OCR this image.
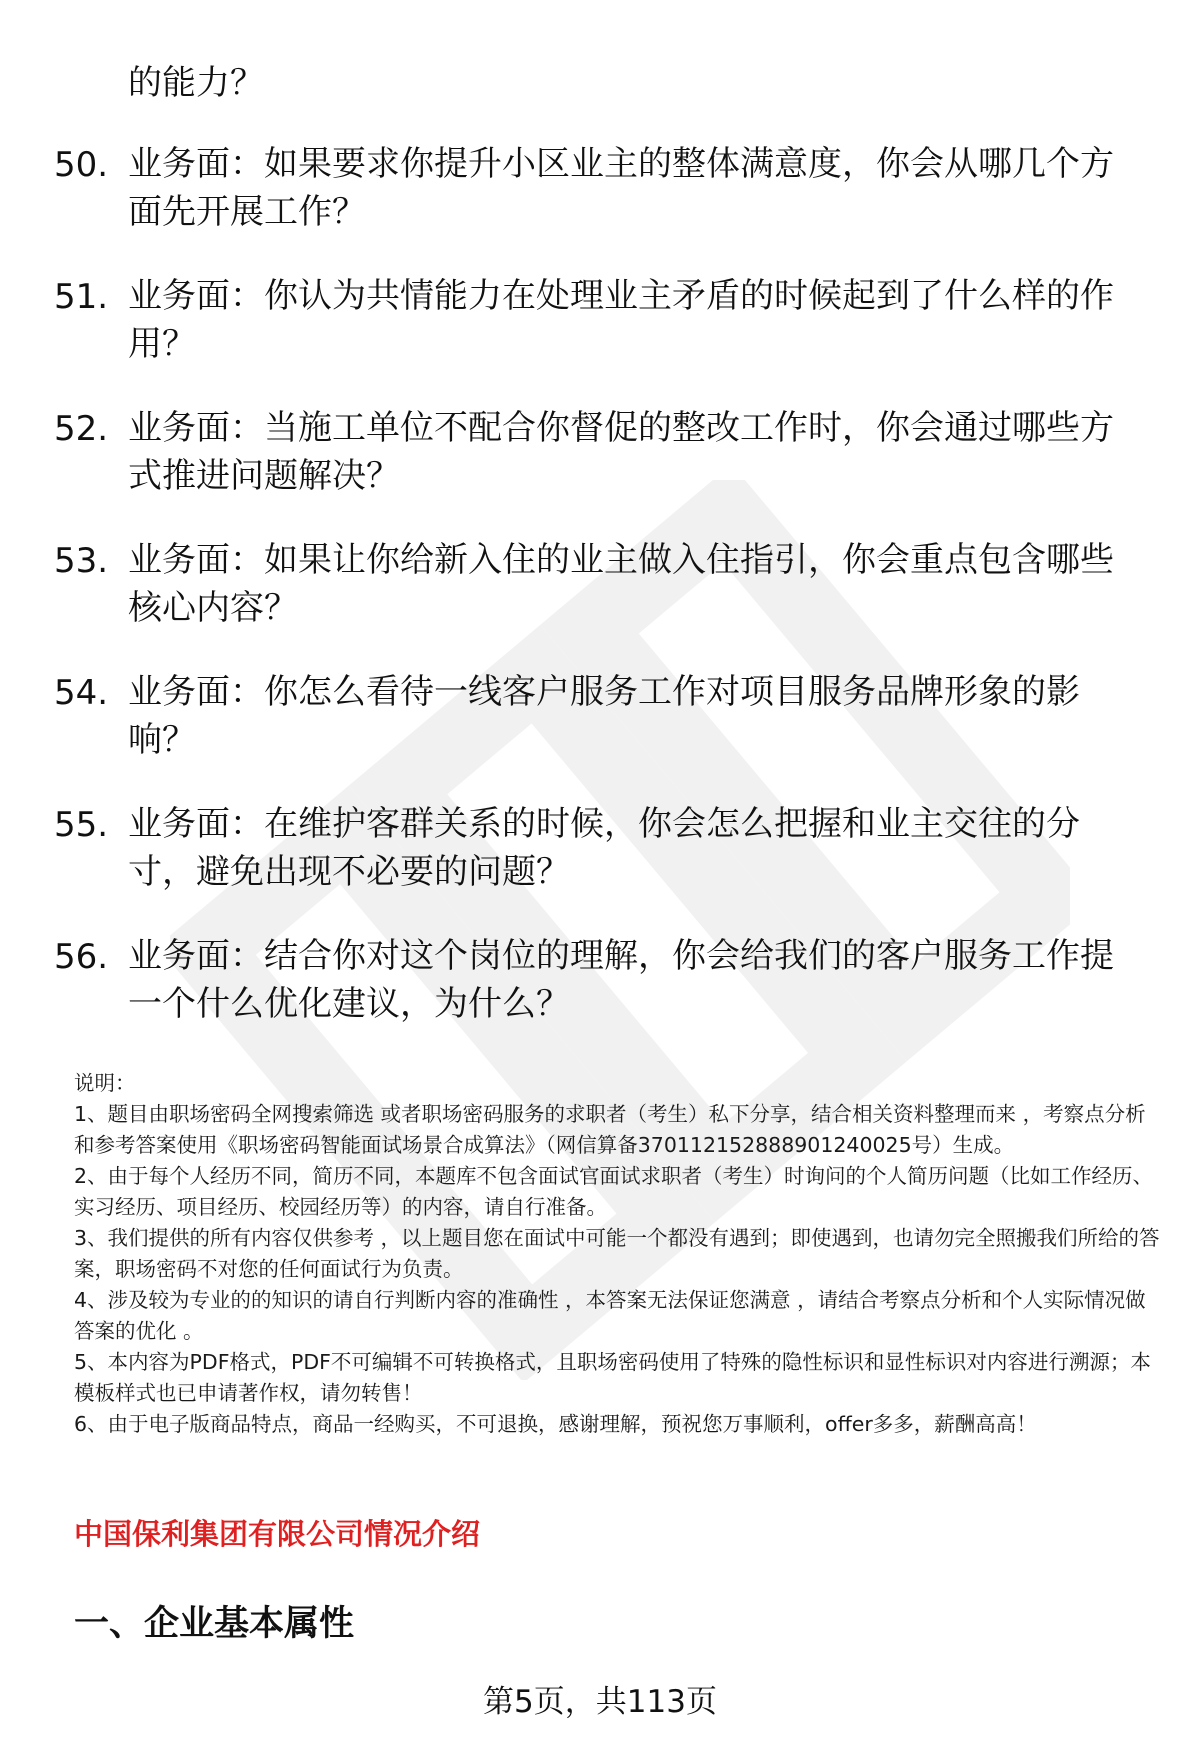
的能力？

50. 业务面：如果要求你提升小区业主的整体满意度，你会从哪几个方面先开展工作？
51. 业务面：你认为共情能力在处理业主矛盾的时候起到了什么样的作用？
52. 业务面：当施工单位不配合你督促的整改工作时，你会通过哪些方式推进问题解决？
53. 业务面：如果让你给新入住的业主做入住指引，你会重点包含哪些核心内容？
54. 业务面：你怎么看待一线客户服务工作对项目服务品牌形象的影响？
55. 业务面：在维护客群关系的时候，你会怎么把握和业主交往的分寸，避免出现不必要的问题？
56. 业务面：结合你对这个岗位的理解，你会给我们的客户服务工作提一个什么优化建议，为什么？

说明：

1、题目由职场密码全网搜索筛选 或者职场密码服务的求职者（考生）私下分享，结合相关资料整理而来 ，考察点分析和参考答案使用《职场密码智能面试场景合成算法》（网信算备370112152888901240025号）生成。

2、由于每个人经历不同，简历不同，本题库不包含面试官面试求职者（考生）时询问的个人简历问题（比如工作经历、实习经历、项目经历、校园经历等）的内容，请自行准备。

3、我们提供的所有内容仅供参考 ，以上题目您在面试中可能一个都没有遇到；即使遇到，也请勿完全照搬我们所给的答案，职场密码不对您的任何面试行为负责。

4、涉及较为专业的的知识的请自行判断内容的准确性 ，本答案无法保证您满意 ，请结合考察点分析和个人实际情况做答案的优化 。

5、本内容为PDF格式，PDF不可编辑不可转换格式，且职场密码使用了特殊的隐性标识和显性标识对内容进行溯源；本模板样式也已申请著作权，请勿转售！

6、由于电子版商品特点，商品一经购买，不可退换，感谢理解，预祝您万事顺利，offer多多，薪酬高高！

中国保利集团有限公司情况介绍
一、企业基本属性
第5页，共113页
